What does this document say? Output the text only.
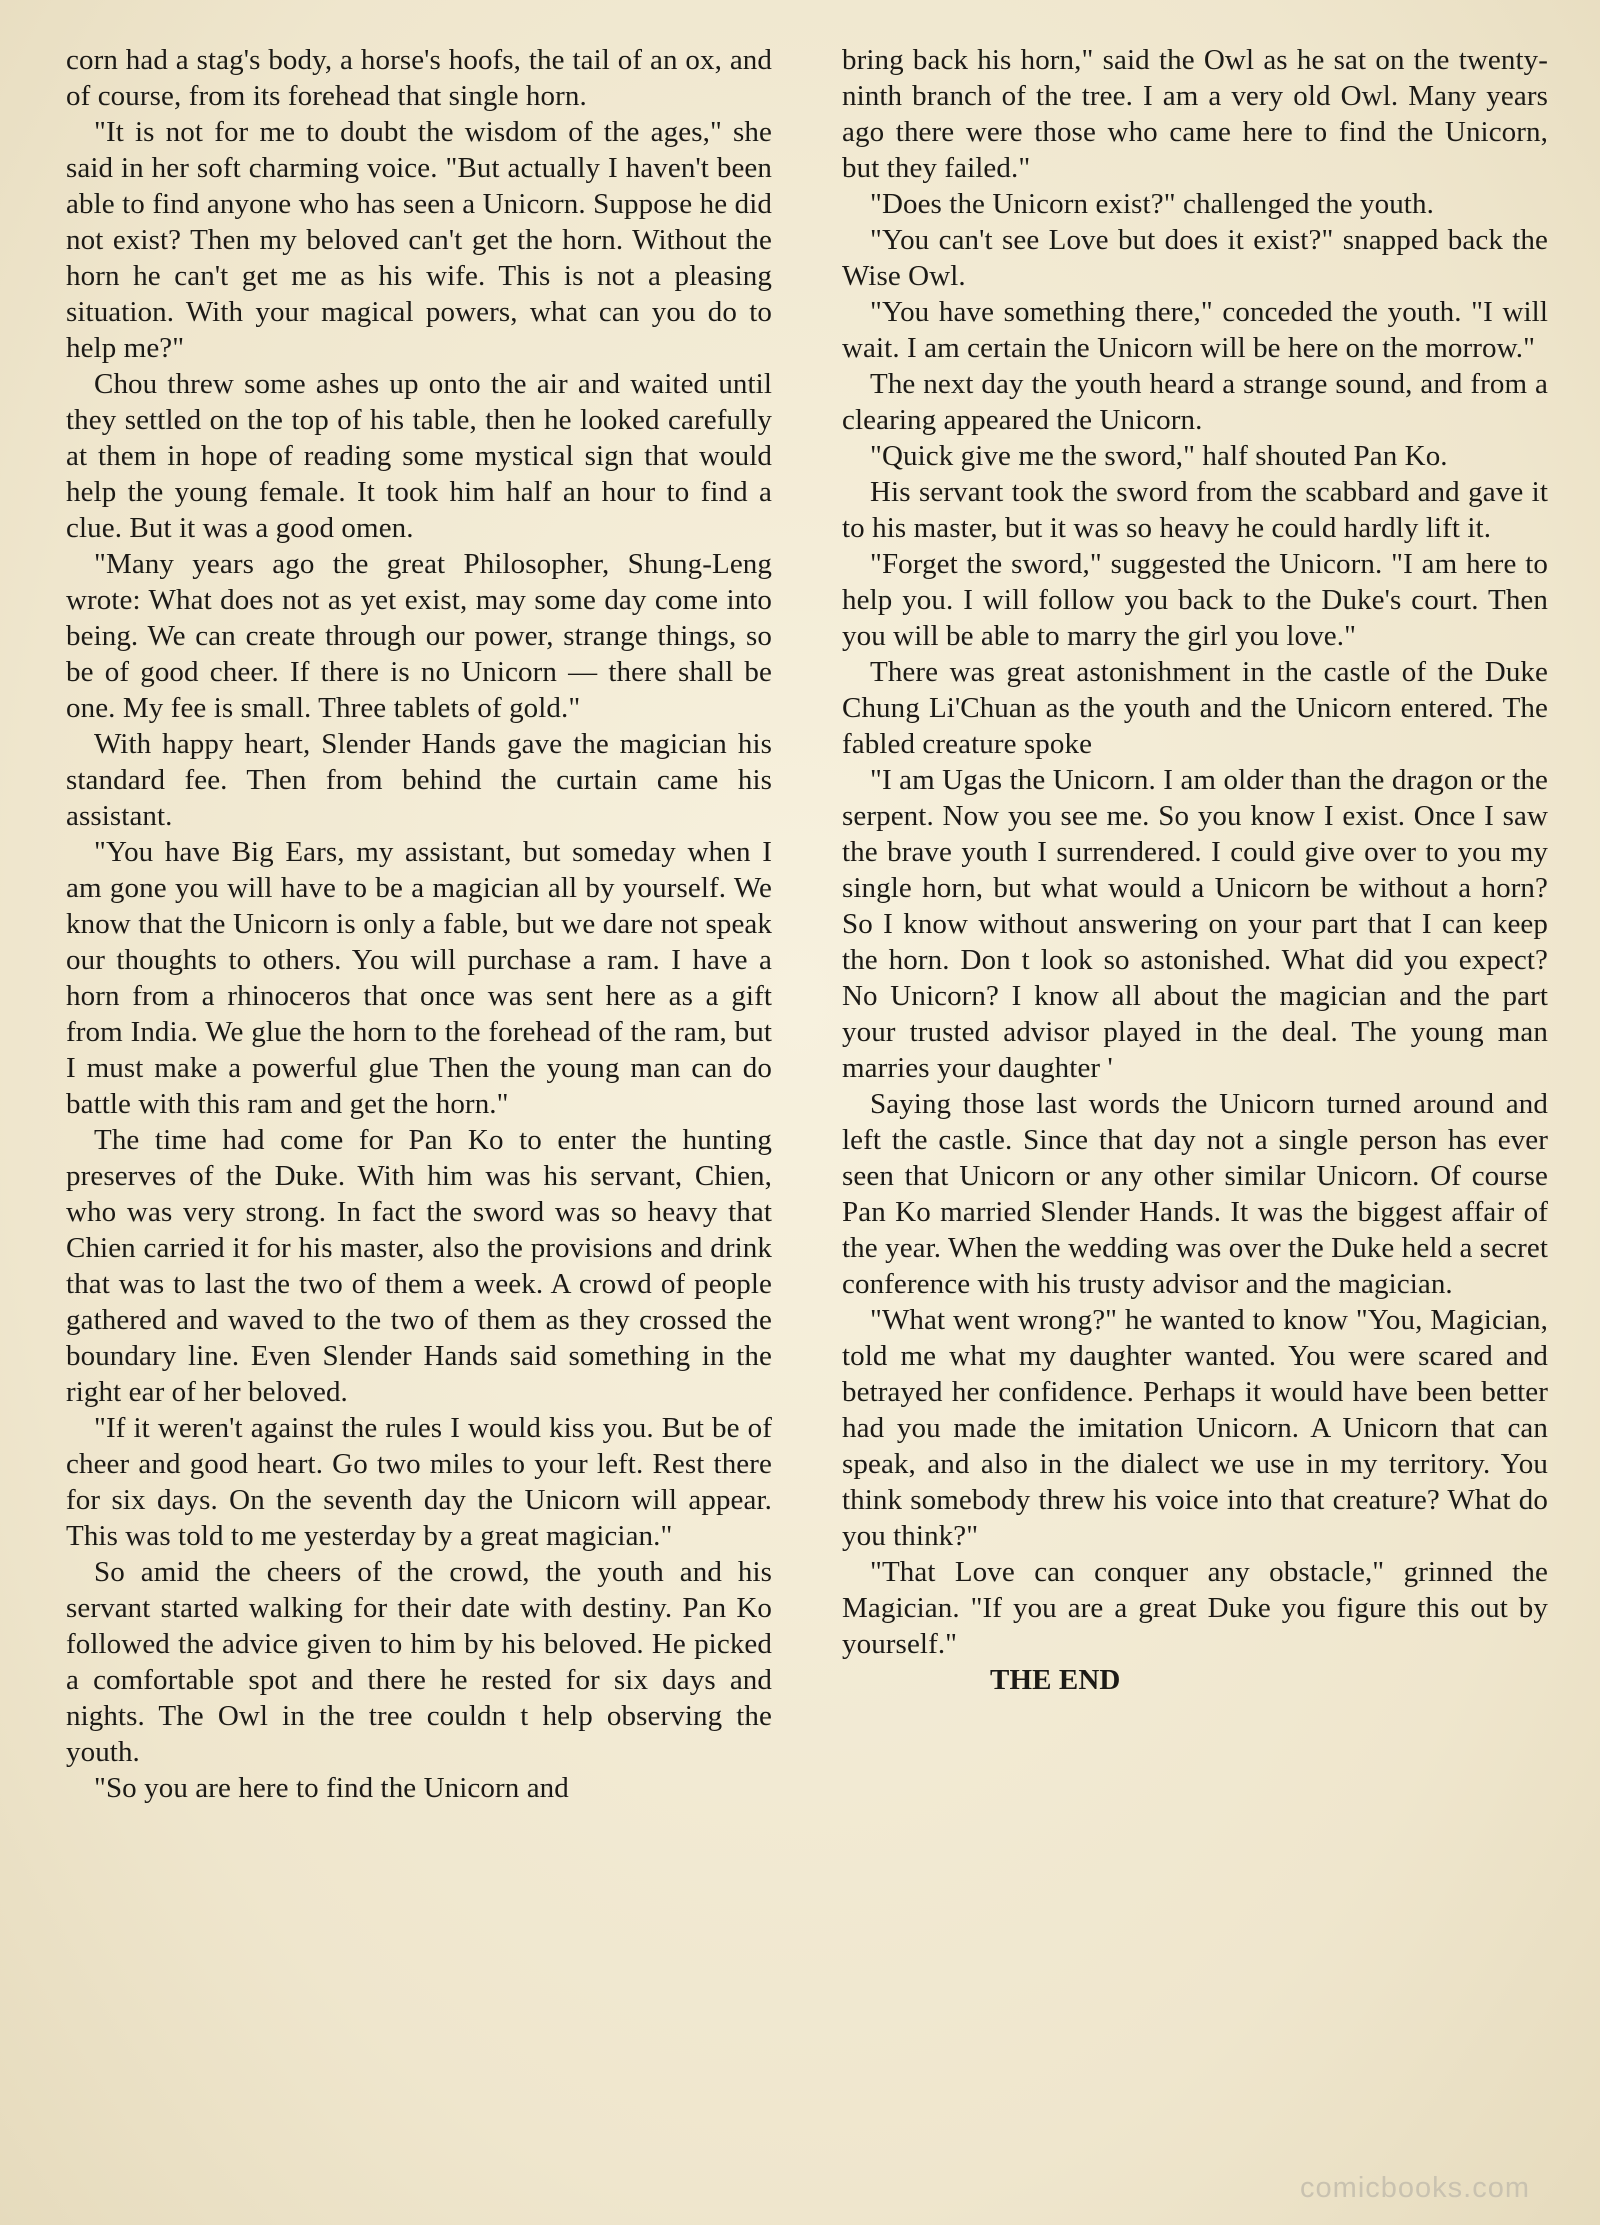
corn had a stag's body, a horse's hoofs, the tail of an ox, and of course, from its forehead that single horn.

"It is not for me to doubt the wisdom of the ages," she said in her soft charming voice. "But actually I haven't been able to find anyone who has seen a Unicorn. Suppose he did not exist? Then my beloved can't get the horn. Without the horn he can't get me as his wife. This is not a pleasing situation. With your magical powers, what can you do to help me?"

Chou threw some ashes up onto the air and waited until they settled on the top of his table, then he looked carefully at them in hope of reading some mystical sign that would help the young female. It took him half an hour to find a clue. But it was a good omen.

"Many years ago the great Philosopher, Shung-Leng wrote: What does not as yet exist, may some day come into being. We can create through our power, strange things, so be of good cheer. If there is no Unicorn — there shall be one. My fee is small. Three tablets of gold."

With happy heart, Slender Hands gave the magician his standard fee. Then from behind the curtain came his assistant.

"You have Big Ears, my assistant, but someday when I am gone you will have to be a magician all by yourself. We know that the Unicorn is only a fable, but we dare not speak our thoughts to others. You will purchase a ram. I have a horn from a rhinoceros that once was sent here as a gift from India. We glue the horn to the forehead of the ram, but I must make a powerful glue Then the young man can do battle with this ram and get the horn."

The time had come for Pan Ko to enter the hunting preserves of the Duke. With him was his servant, Chien, who was very strong. In fact the sword was so heavy that Chien carried it for his master, also the provisions and drink that was to last the two of them a week. A crowd of people gathered and waved to the two of them as they crossed the boundary line. Even Slender Hands said something in the right ear of her beloved.

"If it weren't against the rules I would kiss you. But be of cheer and good heart. Go two miles to your left. Rest there for six days. On the seventh day the Unicorn will appear. This was told to me yesterday by a great magician."

So amid the cheers of the crowd, the youth and his servant started walking for their date with destiny. Pan Ko followed the advice given to him by his beloved. He picked a comfortable spot and there he rested for six days and nights. The Owl in the tree couldn t help observing the youth.

"So you are here to find the Unicorn and

bring back his horn," said the Owl as he sat on the twenty-ninth branch of the tree. I am a very old Owl. Many years ago there were those who came here to find the Unicorn, but they failed."

"Does the Unicorn exist?" challenged the youth.

"You can't see Love but does it exist?" snapped back the Wise Owl.

"You have something there," conceded the youth. "I will wait. I am certain the Unicorn will be here on the morrow."

The next day the youth heard a strange sound, and from a clearing appeared the Unicorn.

"Quick give me the sword," half shouted Pan Ko.

His servant took the sword from the scabbard and gave it to his master, but it was so heavy he could hardly lift it.

"Forget the sword," suggested the Unicorn. "I am here to help you. I will follow you back to the Duke's court. Then you will be able to marry the girl you love."

There was great astonishment in the castle of the Duke Chung Li'Chuan as the youth and the Unicorn entered. The fabled creature spoke

"I am Ugas the Unicorn. I am older than the dragon or the serpent. Now you see me. So you know I exist. Once I saw the brave youth I surrendered. I could give over to you my single horn, but what would a Unicorn be without a horn? So I know without answering on your part that I can keep the horn. Don t look so astonished. What did you expect? No Unicorn? I know all about the magician and the part your trusted advisor played in the deal. The young man marries your daughter '

Saying those last words the Unicorn turned around and left the castle. Since that day not a single person has ever seen that Unicorn or any other similar Unicorn. Of course Pan Ko married Slender Hands. It was the biggest affair of the year. When the wedding was over the Duke held a secret conference with his trusty advisor and the magician.

"What went wrong?" he wanted to know "You, Magician, told me what my daughter wanted. You were scared and betrayed her confidence. Perhaps it would have been better had you made the imitation Unicorn. A Unicorn that can speak, and also in the dialect we use in my territory. You think somebody threw his voice into that creature? What do you think?"

"That Love can conquer any obstacle," grinned the Magician. "If you are a great Duke you figure this out by yourself."

THE END

comicbooks.com
